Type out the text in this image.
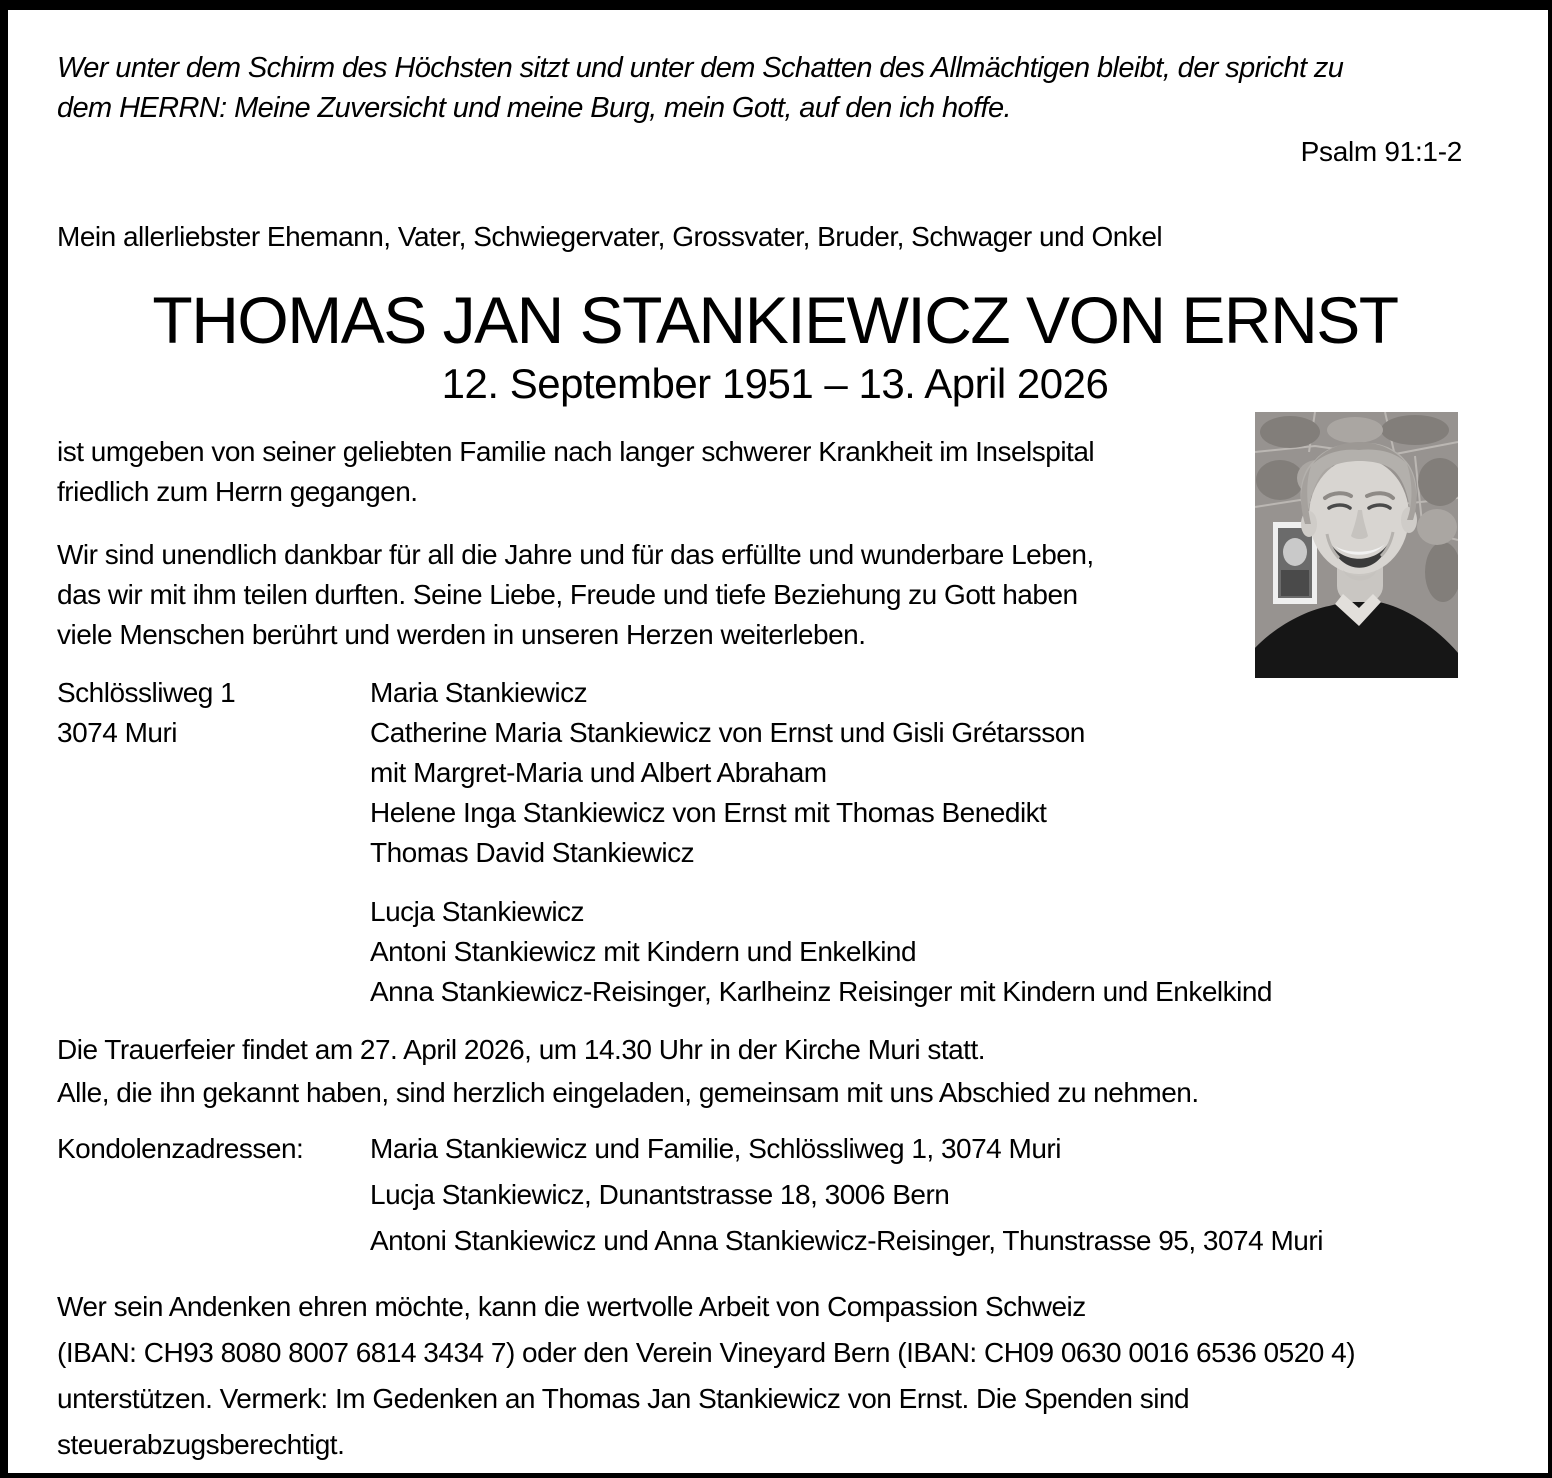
Wer unter dem Schirm des Höchsten sitzt und unter dem Schatten des Allmächtigen bleibt, der spricht zu
dem HERRN: Meine Zuversicht und meine Burg, mein Gott, auf den ich hoffe.
Psalm 91:1-2
Mein allerliebster Ehemann, Vater, Schwiegervater, Grossvater, Bruder, Schwager und Onkel
THOMAS JAN STANKIEWICZ VON ERNST
12. September 1951 – 13. April 2026
ist umgeben von seiner geliebten Familie nach langer schwerer Krankheit im Inselspital
friedlich zum Herrn gegangen.
Wir sind unendlich dankbar für all die Jahre und für das erfüllte und wunderbare Leben,
das wir mit ihm teilen durften. Seine Liebe, Freude und tiefe Beziehung zu Gott haben
viele Menschen berührt und werden in unseren Herzen weiterleben.
Schlössliweg 1
3074 Muri
Maria Stankiewicz
Catherine Maria Stankiewicz von Ernst und Gisli Grétarsson
mit Margret-Maria und Albert Abraham
Helene Inga Stankiewicz von Ernst mit Thomas Benedikt
Thomas David Stankiewicz
Lucja Stankiewicz
Antoni Stankiewicz mit Kindern und Enkelkind
Anna Stankiewicz-Reisinger, Karlheinz Reisinger mit Kindern und Enkelkind
Die Trauerfeier findet am 27. April 2026, um 14.30 Uhr in der Kirche Muri statt.
Alle, die ihn gekannt haben, sind herzlich eingeladen, gemeinsam mit uns Abschied zu nehmen.
Kondolenzadressen:	Maria Stankiewicz und Familie, Schlössliweg 1, 3074 Muri
Lucja Stankiewicz, Dunantstrasse 18, 3006 Bern
Antoni Stankiewicz und Anna Stankiewicz-Reisinger, Thunstrasse 95, 3074 Muri
Wer sein Andenken ehren möchte, kann die wertvolle Arbeit von Compassion Schweiz
(IBAN: CH93 8080 8007 6814 3434 7) oder den Verein Vineyard Bern (IBAN: CH09 0630 0016 6536 0520 4)
unterstützen. Vermerk: Im Gedenken an Thomas Jan Stankiewicz von Ernst. Die Spenden sind
steuerabzugsberechtigt.
